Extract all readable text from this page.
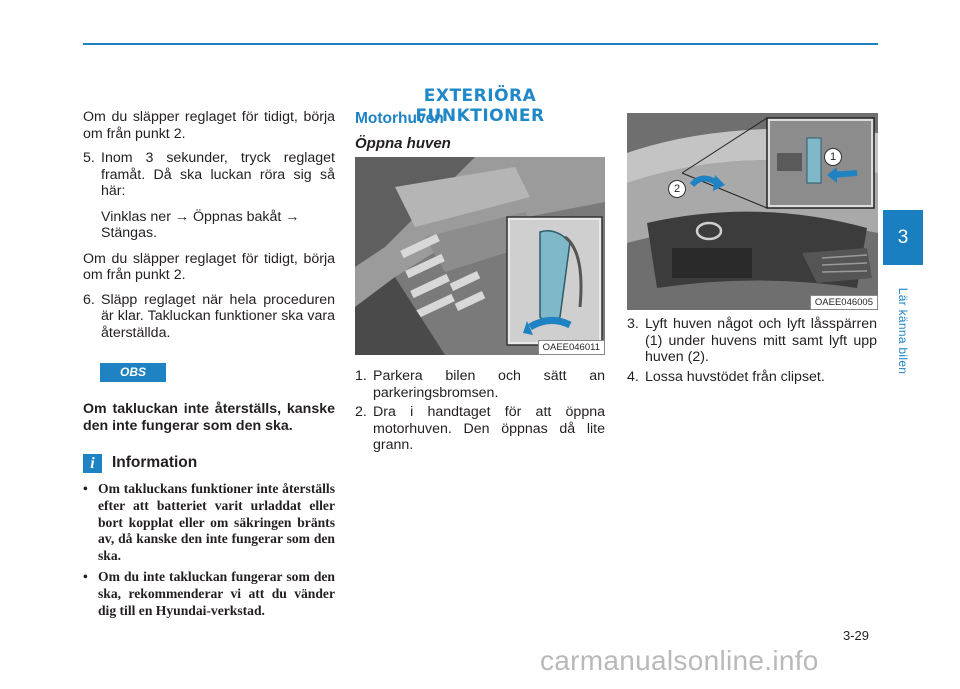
EXTERIÖRA FUNKTIONER
3
Lär känna bilen

Om du släpper reglaget för tidigt, börja om från punkt 2.

5. Inom 3 sekunder, tryck reglaget framåt. Då ska luckan röra sig så här:

Vinklas ner → Öppnas bakåt → Stängas.

Om du släpper reglaget för tidigt, börja om från punkt 2.

6. Släpp reglaget när hela proceduren är klar. Takluckan funktioner ska vara återställda.
OBS

Om takluckan inte återställs, kanske den inte fungerar som den ska.

i	Information
• Om takluckans funktioner inte återställs efter att batteriet varit urladdat eller bort kopplat eller om säkringen bränts av, då kanske den inte fungerar som den ska.
• Om du inte takluckan fungerar som den ska, rekommenderar vi att du vänder dig till en Hyundai-verkstad.
Motorhuven
Öppna huven
OAEE046011
1. Parkera bilen och sätt an parkeringsbromsen.
2. Dra i handtaget för att öppna motorhuven. Den öppnas då lite grann.
1
2
OAEE046005
3. Lyft huven något och lyft låsspärren (1) under huvens mitt samt lyft upp huven (2).
4. Lossa huvstödet från clipset.
3-29
carmanualsonline.info
